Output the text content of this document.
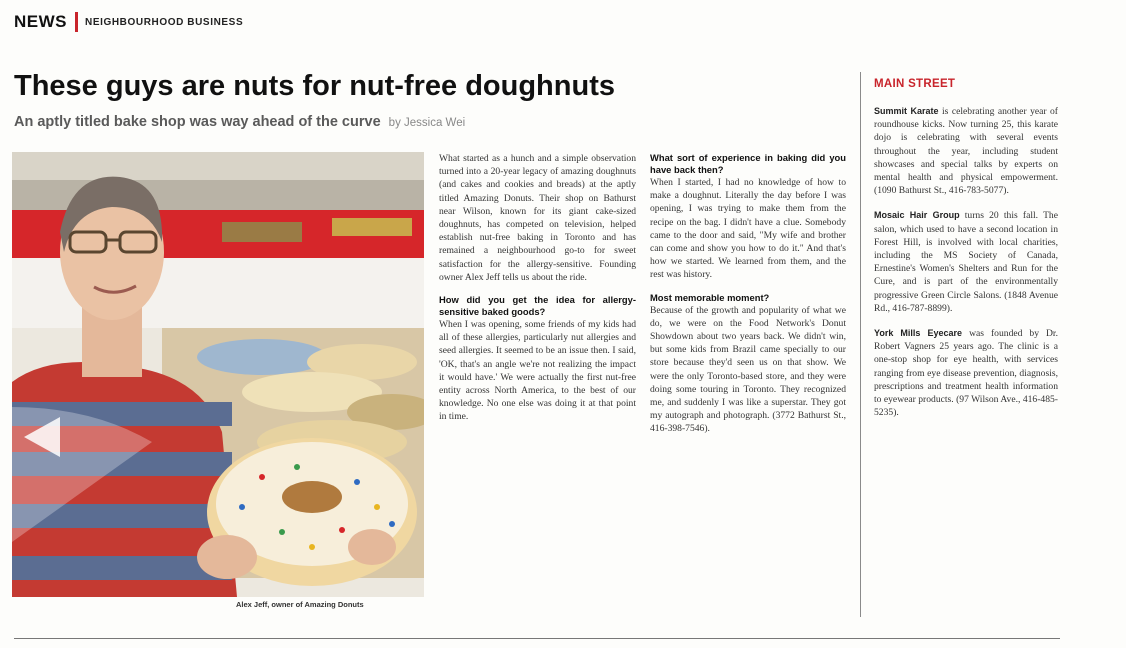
NEWS NEIGHBOURHOOD BUSINESS
These guys are nuts for nut-free doughnuts
An aptly titled bake shop was way ahead of the curve by Jessica Wei
Alex Jeff, owner of Amazing Donuts

What started as a hunch and a simple observation turned into a 20-year legacy of amazing doughnuts (and cakes and cookies and breads) at the aptly titled Amazing Donuts. Their shop on Bathurst near Wilson, known for its giant cake-sized doughnuts, has competed on television, helped establish nut-free baking in Toronto and has remained a neighbourhood go-to for sweet satisfaction for the allergy-sensitive. Founding owner Alex Jeff tells us about the ride.

How did you get the idea for allergy-sensitive baked goods?

When I was opening, some friends of my kids had all of these allergies, particularly nut allergies and seed allergies. It seemed to be an issue then. I said, 'OK, that's an angle we're not realizing the impact it would have.' We were actually the first nut-free entity across North America, to the best of our knowledge. No one else was doing it at that point in time.

What sort of experience in baking did you have back then?

When I started, I had no knowledge of how to make a doughnut. Literally the day before I was opening, I was trying to make them from the recipe on the bag. I didn't have a clue. Somebody came to the door and said, "My wife and brother can come and show you how to do it." And that's how we started. We learned from them, and the rest was history.

Most memorable moment?

Because of the growth and popularity of what we do, we were on the Food Network's Donut Showdown about two years back. We didn't win, but some kids from Brazil came specially to our store because they'd seen us on that show. We were the only Toronto-based store, and they were doing some touring in Toronto. They recognized me, and suddenly I was like a superstar. They got my autograph and photograph. (3772 Bathurst St., 416-398-7546).

MAIN STREET

Summit Karate is celebrating another year of roundhouse kicks. Now turning 25, this karate dojo is celebrating with several events throughout the year, including student showcases and special talks by experts on mental health and physical empowerment. (1090 Bathurst St., 416-783-5077).

Mosaic Hair Group turns 20 this fall. The salon, which used to have a second location in Forest Hill, is involved with local charities, including the MS Society of Canada, Ernestine's Women's Shelters and Run for the Cure, and is part of the environmentally progressive Green Circle Salons. (1848 Avenue Rd., 416-787-8899).

York Mills Eyecare was founded by Dr. Robert Vagners 25 years ago. The clinic is a one-stop shop for eye health, with services ranging from eye disease prevention, diagnosis, prescriptions and treatment health information to eyewear products. (97 Wilson Ave., 416-485-5235).
